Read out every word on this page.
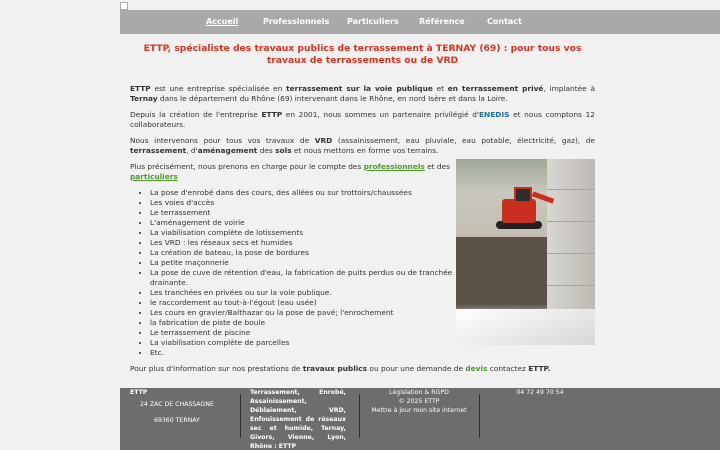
Accueil	Professionnels Particuliers	Référence	Contact
ETTP, spécialiste des travaux publics de terrassement à TERNAY (69) : pour tous vos travaux de terrassements ou de VRD

ETTP est une entreprise spécialisée en terrassement sur la voie publique et en terrassement privé, implantée à Ternay dans le département du Rhône (69) intervenant dans le Rhône, en nord Isère et dans la Loire.

Depuis la création de l'entreprise ETTP en 2001, nous sommes un partenaire privilégié d'ENEDIS et nous comptons 12 collaborateurs.

Nous intervenons pour tous vos travaux de VRD (assainissement, eau pluviale, eau potable, électricité, gaz), de terrassement, d'aménagement des sols et nous mettons en forme vos terrains.

Plus précisément, nous prenons en charge pour le compte des professionnels et des particuliers

• La pose d'enrobé dans des cours, des allées ou sur trottoirs/chaussées
• Les voies d'accès
• Le terrassement
• L'aménagement de voirie
• La viabilisation complète de lotissements
• Les VRD : les réseaux secs et humides
• La création de bateau, la pose de bordures
• La petite maçonnerie
• La pose de cuve de rétention d'eau, la fabrication de puits perdus ou de tranchée drainante.
• Les tranchées en privées ou sur la voie publique.
• le raccordement au tout-à-l'égout (eau usée)
• Les cours en gravier/Balthazar ou la pose de pavé; l'enrochement
• la fabrication de piste de boule
• Le terrassement de piscine
• La viabilisation complète de parcelles
• Etc.

Pour plus d'information sur nos prestations de travaux publics ou pour une demande de devis contactez ETTP.

ETTP
24 ZAC DE CHASSAGNE
69360 TERNAY
Terrassement, Enrobé, Assainissement, Déblaiement, VRD, Enfouissement de réseaux sec et humide, Ternay, Givors, Vienne, Lyon, Rhône : ETTP
Législation & RGPD
© 2025 ETTP
Mettre à jour mon site internet
04 72 49 70 54
